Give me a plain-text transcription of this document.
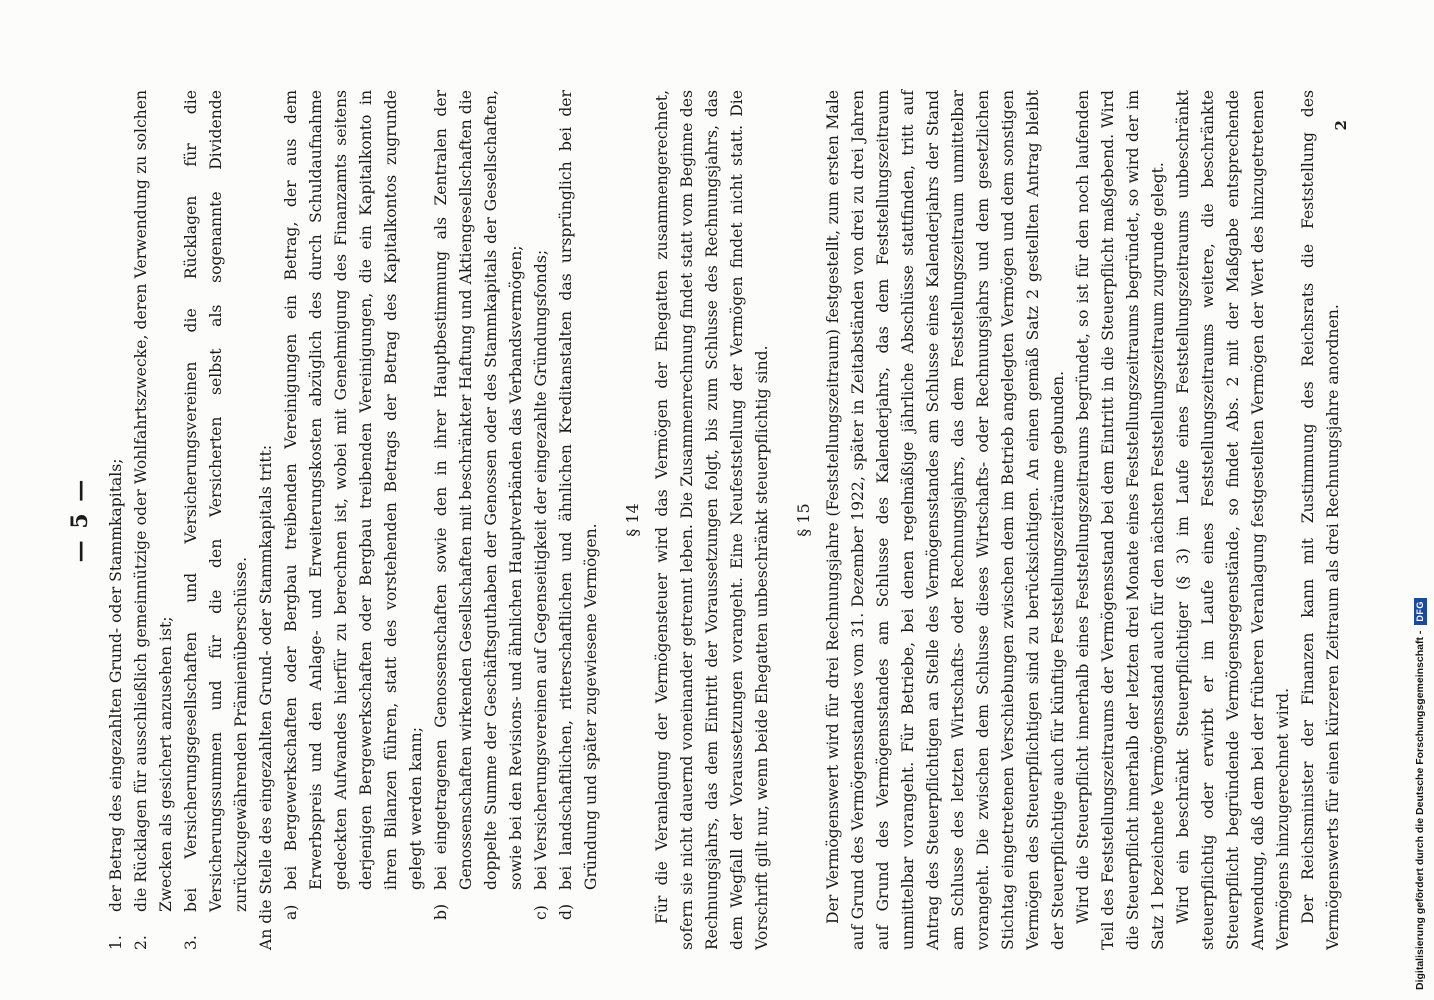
— 5 —
1.
der Betrag des eingezahlten Grund- oder Stammkapitals;
2.
die Rücklagen für ausschließlich gemeinnützige oder Wohlfahrtszwecke, deren Verwendung zu solchen Zwecken als gesichert anzusehen ist;
3.
bei Versicherungsgesellschaften und Versicherungsvereinen die Rücklagen für die Versicherungssummen und für die den Versicherten selbst als sogenannte Dividende zurückzugewährenden Prämienüberschüsse. An die Stelle des eingezahlten Grund- oder Stammkapitals tritt: a)
bei Bergewerkschaften oder Bergbau treibenden Vereinigungen ein Betrag, der aus dem Erwerbspreis und den Anlage- und Erweiterungskosten abzüglich des durch Schuldaufnahme gedeckten Aufwandes hierfür zu berechnen ist, wobei mit Genehmigung des Finanzamts seitens derjenigen Bergewerkschaften oder Bergbau treibenden Vereinigungen, die ein Kapitalkonto in ihren Bilanzen führen, statt des vorstehenden Betrags der Betrag des Kapitalkontos zugrunde gelegt werden kann;
b)
bei eingetragenen Genossenschaften sowie den in ihrer Hauptbestimmung als Zentralen der Genossenschaften wirkenden Gesellschaften mit beschränkter Haftung und Aktiengesellschaften die doppelte Summe der Geschäftsguthaben der Genossen oder des Stammkapitals der Gesellschaften, sowie bei den Revisions- und ähnlichen Hauptverbänden das Verbandsvermögen;
c)
bei Versicherungsvereinen auf Gegenseitigkeit der eingezahlte Gründungsfonds;
d)
bei landschaftlichen, ritterschaftlichen und ähnlichen Kreditanstalten das ursprünglich bei der Gründung und später zugewiesene Vermögen.
§ 14 Für die Veranlagung der Vermögensteuer wird das Vermögen der Ehegatten zusammengerechnet, sofern sie nicht dauernd voneinander getrennt leben. Die Zusammenrechnung findet statt vom Beginne des Rechnungsjahrs, das dem Eintritt der Voraussetzungen folgt, bis zum Schlusse des Rechnungsjahrs, das dem Wegfall der Voraussetzungen vorangeht. Eine Neufeststellung der Vermögen findet nicht statt. Die Vorschrift gilt nur, wenn beide Ehegatten unbeschränkt steuerpflichtig sind. § 15 Der Vermögenswert wird für drei Rechnungsjahre (Feststellungszeitraum) festgestellt, zum ersten Male auf Grund des Vermögensstandes vom 31. Dezember 1922, später in Zeitabständen von drei zu drei Jahren auf Grund des Vermögensstandes am Schlusse des Kalenderjahrs, das dem Feststellungszeitraum unmittelbar vorangeht. Für Betriebe, bei denen regelmäßige jährliche Abschlüsse stattfinden, tritt auf Antrag des Steuerpflichtigen an Stelle des Vermögensstandes am Schlusse eines Kalenderjahrs der Stand am Schlusse des letzten Wirtschafts- oder Rechnungsjahrs, das dem Feststellungszeitraum unmittelbar vorangeht. Die zwischen dem Schlusse dieses Wirtschafts- oder Rechnungsjahrs und dem gesetzlichen Stichtag eingetretenen Verschiebungen zwischen dem im Betrieb angelegten Vermögen und dem sonstigen Vermögen des Steuerpflichtigen sind zu berücksichtigen. An einen gemäß Satz 2 gestellten Antrag bleibt der Steuerpflichtige auch für künftige Feststellungszeiträume gebunden. Wird die Steuerpflicht innerhalb eines Feststellungszeitraums begründet, so ist für den noch laufenden Teil des Feststellungszeitraums der Vermögensstand bei dem Eintritt in die Steuerpflicht maßgebend. Wird die Steuerpflicht innerhalb der letzten drei Monate eines Feststellungszeitraums begründet, so wird der im Satz 1 bezeichnete Vermögensstand auch für den nächsten Feststellungszeitraum zugrunde gelegt. Wird ein beschränkt Steuerpflichtiger (§ 3) im Laufe eines Feststellungszeitraums unbeschränkt steuerpflichtig oder erwirbt er im Laufe eines Feststellungszeitraums weitere, die beschränkte Steuerpflicht begründende Vermögensgegenstände, so findet Abs. 2 mit der Maßgabe entsprechende Anwendung, daß dem bei der früheren Veranlagung festgestellten Vermögen der Wert des hinzugetretenen Vermögens hinzugerechnet wird. Der Reichsminister der Finanzen kann mit Zustimmung des Reichsrats die Feststellung des Vermögenswerts für einen kürzeren Zeitraum als drei Rechnungsjahre anordnen.

2
Digitalisierung gefördert durch die Deutsche Forschungsgemeinschaft -
DFG
